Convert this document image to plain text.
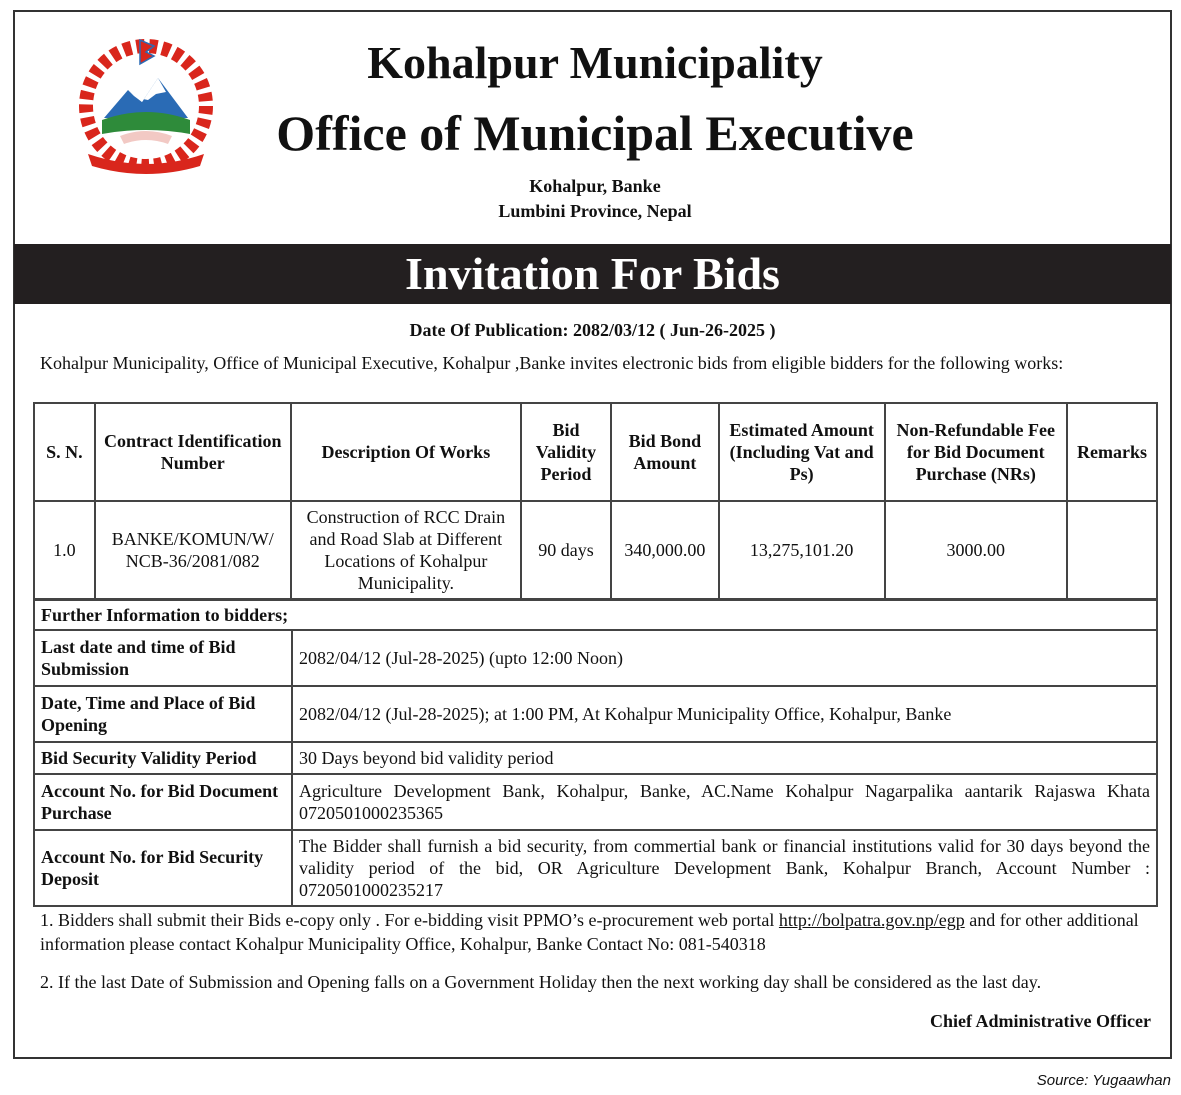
Kohalpur Municipality
Office of Municipal Executive
Kohalpur, Banke
Lumbini Province, Nepal
Invitation For Bids
Date Of Publication: 2082/03/12 ( Jun-26-2025 )
Kohalpur Municipality, Office of Municipal Executive, Kohalpur ,Banke invites electronic bids from eligible bidders for the following works:
S. N.	Contract Identification Number	Description Of Works	Bid Validity Period	Bid Bond Amount	Estimated Amount (Including Vat and Ps)	Non-Refundable Fee for Bid Document Purchase (NRs)	Remarks
1.0	BANKE/KOMUN/W/ NCB-36/2081/082	Construction of RCC Drain and Road Slab at Different Locations of Kohalpur Municipality.	90 days	340,000.00	13,275,101.20	3000.00	
Further Information to bidders;	
Last date and time of Bid Submission	2082/04/12 (Jul-28-2025) (upto 12:00 Noon)
Date, Time and Place of Bid Opening	2082/04/12 (Jul-28-2025); at 1:00 PM, At Kohalpur Municipality Office, Kohalpur, Banke
Bid Security Validity Period	30 Days beyond bid validity period
Account No. for Bid Document Purchase	Agriculture Development Bank, Kohalpur, Banke, AC.Name Kohalpur Nagarpalika aantarik Rajaswa Khata 0720501000235365
Account No. for Bid Security Deposit	The Bidder shall furnish a bid security, from commertial bank or financial institutions valid for 30 days beyond the validity period of the bid, OR Agriculture Development Bank, Kohalpur Branch, Account Number : 0720501000235217
1. Bidders shall submit their Bids e-copy only . For e-bidding visit PPMO’s e-procurement web portal http://bolpatra.gov.np/egp and for other additional information please contact Kohalpur Municipality Office, Kohalpur, Banke Contact No: 081-540318
2. If the last Date of Submission and Opening falls on a Government Holiday then the next working day shall be considered as the last day.
Chief Administrative Officer
Source: Yugaawhan
